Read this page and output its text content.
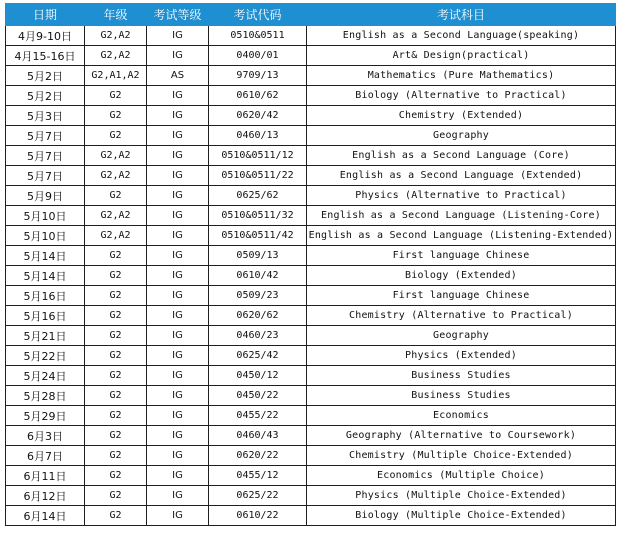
日期	年级	考试等级	考试代码	考试科目
4月9-10日	G2,A2	IG	0510&0511	English as a Second Language(speaking)
4月15-16日	G2,A2	IG	0400/01	Art& Design(practical)
5月2日	G2,A1,A2	AS	9709/13	Mathematics (Pure Mathematics)
5月2日	G2	IG	0610/62	Biology (Alternative to Practical)
5月3日	G2	IG	0620/42	Chemistry (Extended)
5月7日	G2	IG	0460/13	Geography
5月7日	G2,A2	IG	0510&0511/12	English as a Second Language (Core)
5月7日	G2,A2	IG	0510&0511/22	English as a Second Language (Extended)
5月9日	G2	IG	0625/62	Physics (Alternative to Practical)
5月10日	G2,A2	IG	0510&0511/32	English as a Second Language (Listening-Core)
5月10日	G2,A2	IG	0510&0511/42	English as a Second Language (Listening-Extended)
5月14日	G2	IG	0509/13	First language Chinese
5月14日	G2	IG	0610/42	Biology (Extended)
5月16日	G2	IG	0509/23	First language Chinese
5月16日	G2	IG	0620/62	Chemistry (Alternative to Practical)
5月21日	G2	IG	0460/23	Geography
5月22日	G2	IG	0625/42	Physics (Extended)
5月24日	G2	IG	0450/12	Business Studies
5月28日	G2	IG	0450/22	Business Studies
5月29日	G2	IG	0455/22	Economics
6月3日	G2	IG	0460/43	Geography (Alternative to Coursework)
6月7日	G2	IG	0620/22	Chemistry (Multiple Choice-Extended)
6月11日	G2	IG	0455/12	Economics (Multiple Choice)
6月12日	G2	IG	0625/22	Physics (Multiple Choice-Extended)
6月14日	G2	IG	0610/22	Biology (Multiple Choice-Extended)
